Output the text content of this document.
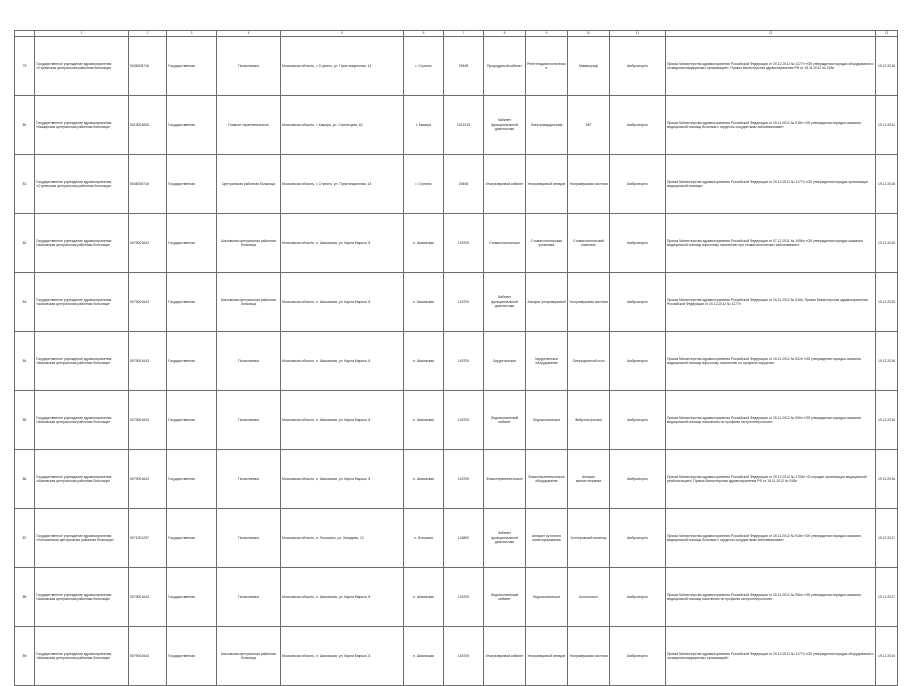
	1	2	3	4	5	6	7	8	9	10	11	12	13
79	Государственное учреждение здравоохранения «Ступинская центральная районная больница»	5045008716	Государственная	Поликлиника	Московская область, г. Ступино, ул. Пристанционная, 14	г. Ступино	29465	Процедурный кабинет	Рентгенодиагностическое	Маммограф	Амбулаторно	Приказ Министерства здравоохранения Российской Федерации от 20.12.2012 № 1177н «Об утверждении порядка оборудования и оснащения медицинских организаций»; Приказ Министерства здравоохранения РФ от 15.11.2012 № 918н	19.12.2018
80	Государственное учреждение здравоохранения «Каширская центральная районная больница»	5019003835	Государственная	Главное терапевтическое	Московская область, г. Кашира, ул. Стрелецкая, 62	г. Кашира	1011415	Кабинет функциональной диагностики	Электрокардиограф	ЭКГ	Амбулаторно	Приказ Министерства здравоохранения Российской Федерации от 15.11.2012 № 918н «Об утверждении порядка оказания медицинской помощи больным с сердечно-сосудистыми заболеваниями»	19.12.2014
81	Государственное учреждение здравоохранения «Ступинская центральная районная больница»	5045008716	Государственная	Центральная районная больница	Московская область, г. Ступино, ул. Пристанционная, 14	г. Ступино	29465	Ультразвуковой кабинет	Ультразвуковой аппарат	Ультразвуковая система	Амбулаторно	Приказ Министерства здравоохранения Российской Федерации от 20.12.2012 № 1177н «Об утверждении порядка организации медицинской помощи»	19.12.2018
82	Государственное учреждение здравоохранения «Шаховская центральная районная больница»	5079001643	Государственная	Шаховская центральная районная больница	Московская область, п. Шаховская, ул. Карла Маркса, 8	п. Шаховская	143700	Стоматологическое	Стоматологическая установка	Стоматологический комплекс	Амбулаторно	Приказ Министерства здравоохранения Российской Федерации от 07.12.2011 № 1496н «Об утверждении порядка оказания медицинской помощи взрослому населению при стоматологических заболеваниях»	19.12.2015
83	Государственное учреждение здравоохранения «Шаховская центральная районная больница»	5079001643	Государственная	Шаховская центральная районная больница	Московская область, п. Шаховская, ул. Карла Маркса, 8	п. Шаховская	143700	Кабинет функциональной диагностики	Аппарат ультразвуковой	Ультразвуковая система	Амбулаторно	Приказ Министерства здравоохранения Российской Федерации от 15.11.2012 № 918н; Приказ Министерства здравоохранения Российской Федерации от 20.12.2012 № 1177н	19.12.2015
84	Государственное учреждение здравоохранения «Шаховская центральная районная больница»	5079001643	Государственная	Поликлиника	Московская область, п. Шаховская, ул. Карла Маркса, 8	п. Шаховская	143700	Хирургическое	Хирургическое оборудование	Операционный стол	Амбулаторно	Приказ Министерства здравоохранения Российской Федерации от 15.11.2012 № 922н «Об утверждении порядка оказания медицинской помощи взрослому населению по профилю хирургия»	19.12.2016
85	Государственное учреждение здравоохранения «Шаховская центральная районная больница»	5079001643	Государственная	Поликлиника	Московская область, п. Шаховская, ул. Карла Маркса, 8	п. Шаховская	143700	Эндоскопический кабинет	Эндоскопическое	Фиброгастроскоп	Амбулаторно	Приказ Министерства здравоохранения Российской Федерации от 15.11.2012 № 906н «Об утверждении порядка оказания медицинской помощи населению по профилю гастроэнтерология»	19.12.2016
86	Государственное учреждение здравоохранения «Шаховская центральная районная больница»	5079001643	Государственная	Поликлиника	Московская область, п. Шаховская, ул. Карла Маркса, 8	п. Шаховская	143700	Физиотерапевтическое	Физиотерапевтическое оборудование	Аппарат магнитотерапии	Амбулаторно	Приказ Министерства здравоохранения Российской Федерации от 29.12.2012 № 1705н «О порядке организации медицинской реабилитации»; Приказ Министерства здравоохранения РФ от 15.11.2012 № 918н	19.12.2016
87	Государственное учреждение здравоохранения «Лотошинская центральная районная больница»	5071001237	Государственная	Поликлиника	Московская область, п. Лотошино, ул. Западная, 12	п. Лотошино	143800	Кабинет функциональной диагностики	Аппарат суточного мониторирования	Холтеровский монитор	Амбулаторно	Приказ Министерства здравоохранения Российской Федерации от 15.11.2012 № 918н «Об утверждении порядка оказания медицинской помощи больным с сердечно-сосудистыми заболеваниями»	19.12.2017
88	Государственное учреждение здравоохранения «Шаховская центральная районная больница»	5079001643	Государственная	Поликлиника	Московская область, п. Шаховская, ул. Карла Маркса, 8	п. Шаховская	143700	Эндоскопический кабинет	Эндоскопическое	Колоноскоп	Амбулаторно	Приказ Министерства здравоохранения Российской Федерации от 15.11.2012 № 906н «Об утверждении порядка оказания медицинской помощи населению по профилю гастроэнтерология»	19.12.2017
89	Государственное учреждение здравоохранения «Шаховская центральная районная больница»	5079001643	Государственная	Шаховская центральная районная больница	Московская область, п. Шаховская, ул. Карла Маркса, 8	п. Шаховская	143700	Ультразвуковой кабинет	Ультразвуковой аппарат	Ультразвуковая система	Амбулаторно	Приказ Министерства здравоохранения Российской Федерации от 20.12.2012 № 1177н «Об утверждении порядка оборудования и оснащения медицинских организаций»	19.12.2014
